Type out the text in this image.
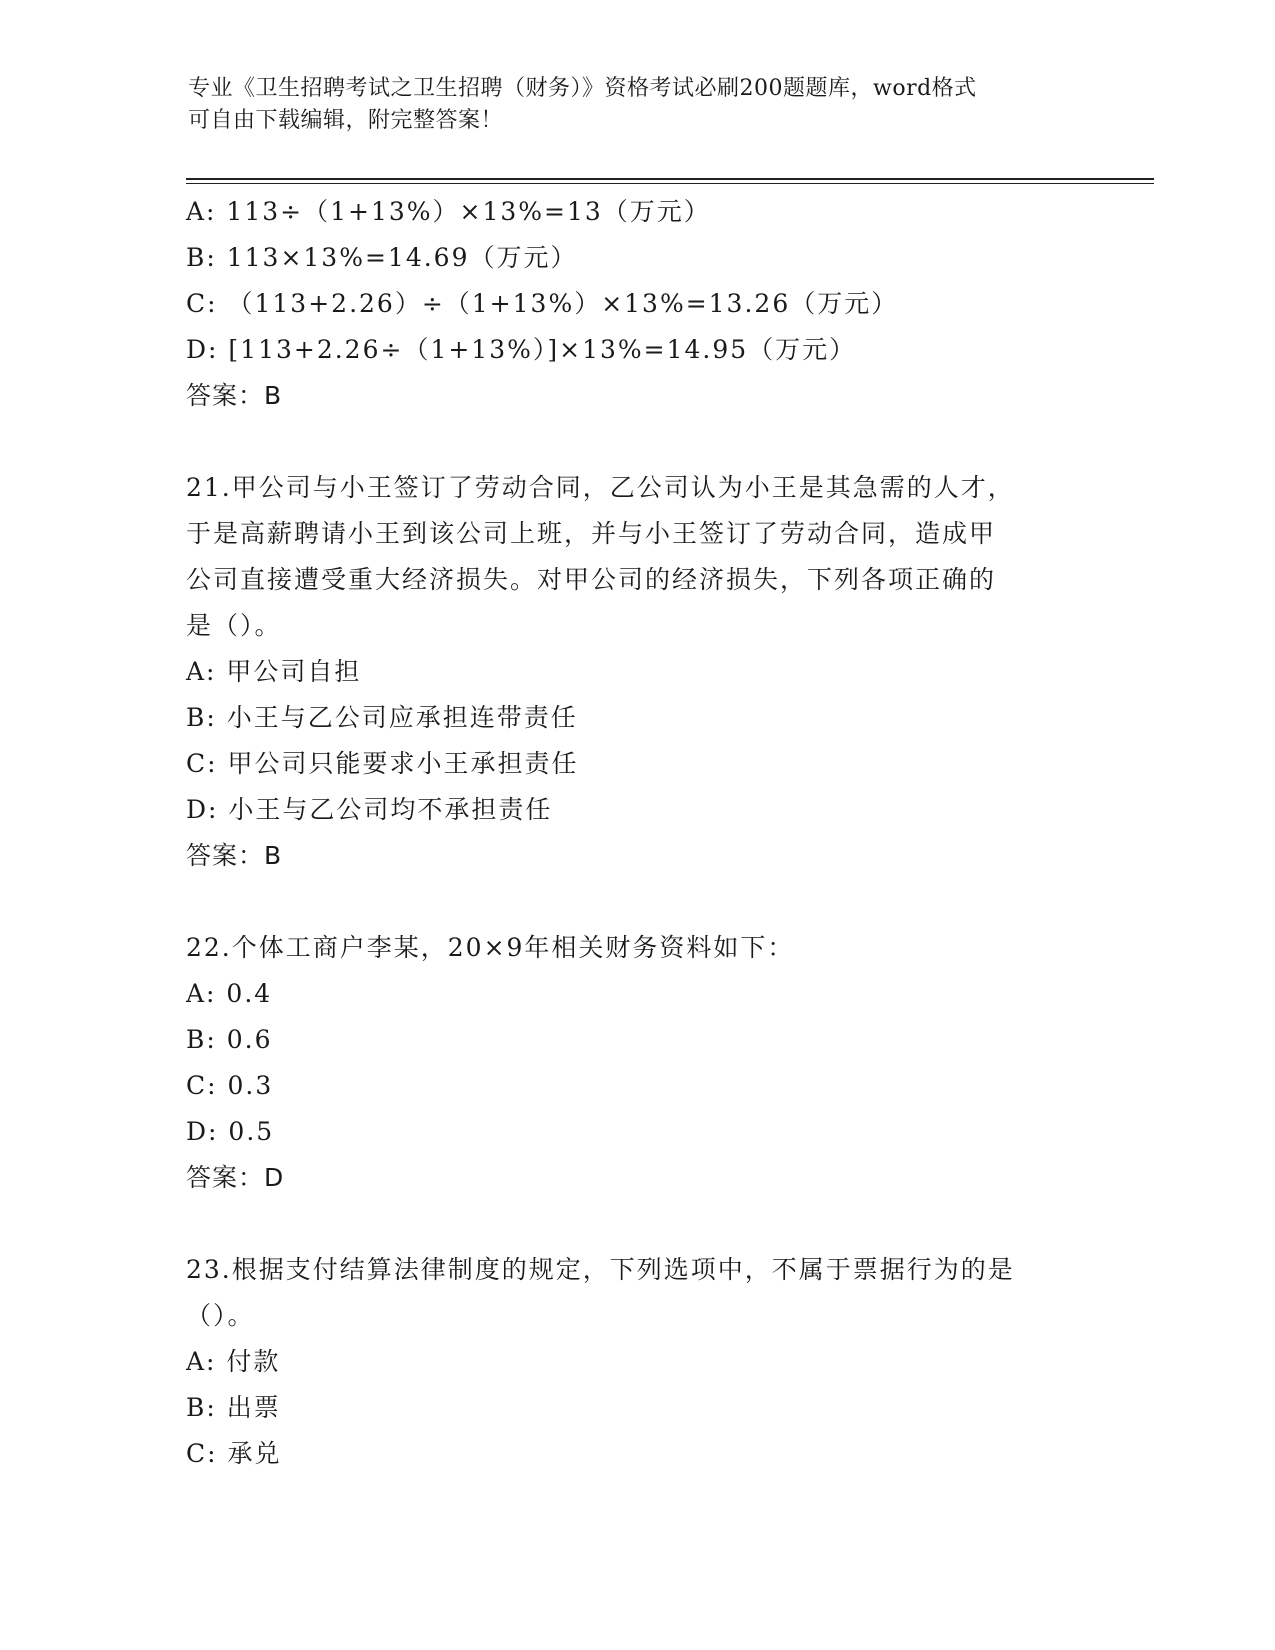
专业《卫生招聘考试之卫生招聘（财务）》资格考试必刷200题题库，word格式
可自由下载编辑，附完整答案！
A: 113÷（1+13%）×13%=13（万元）
B: 113×13%=14.69（万元）
C: （113+2.26）÷（1+13%）×13%=13.26（万元）
D: [113+2.26÷（1+13%）]×13%=14.95（万元）
答案：B
21.甲公司与小王签订了劳动合同，乙公司认为小王是其急需的人才，
于是高薪聘请小王到该公司上班，并与小王签订了劳动合同，造成甲
公司直接遭受重大经济损失。对甲公司的经济损失，下列各项正确的
是（）。
A: 甲公司自担
B: 小王与乙公司应承担连带责任
C: 甲公司只能要求小王承担责任
D: 小王与乙公司均不承担责任
答案：B
22.个体工商户李某，20×9年相关财务资料如下：
A: 0.4
B: 0.6
C: 0.3
D: 0.5
答案：D
23.根据支付结算法律制度的规定，下列选项中，不属于票据行为的是
（）。
A: 付款
B: 出票
C: 承兑
